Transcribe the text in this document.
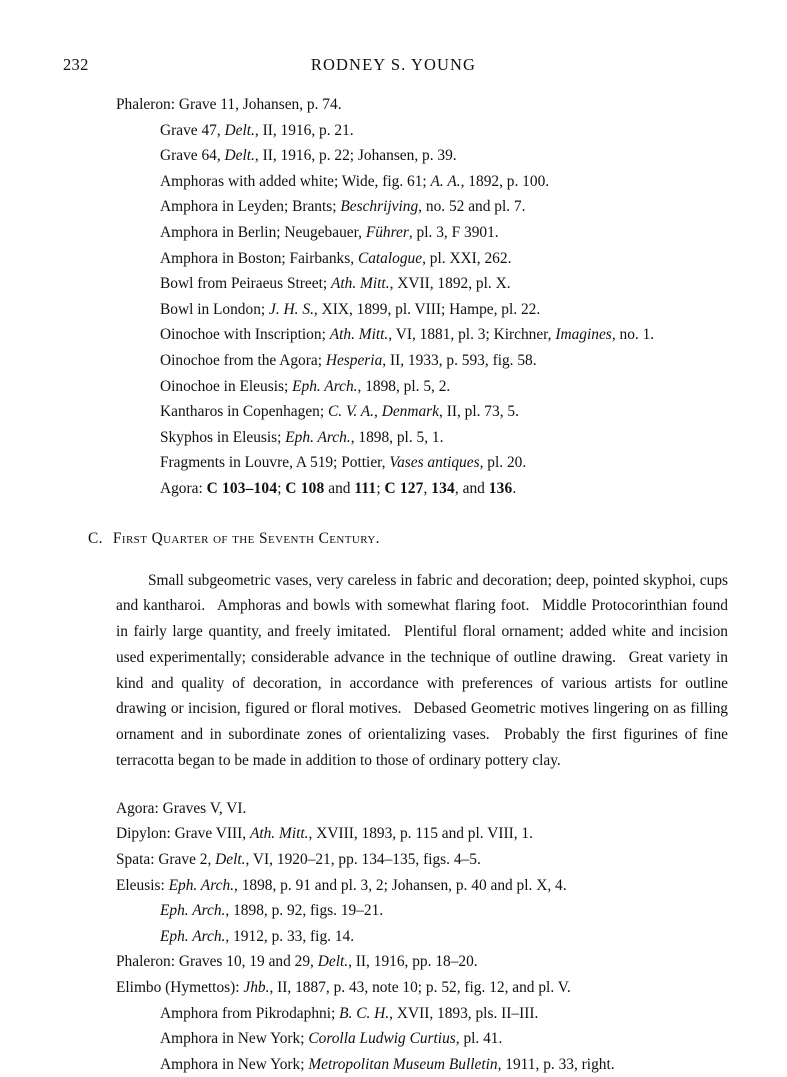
232	RODNEY S. YOUNG
Phaleron: Grave 11, Johansen, p. 74.
Grave 47, Delt., II, 1916, p. 21.
Grave 64, Delt., II, 1916, p. 22; Johansen, p. 39.
Amphoras with added white; Wide, fig. 61; A. A., 1892, p. 100.
Amphora in Leyden; Brants; Beschrijving, no. 52 and pl. 7.
Amphora in Berlin; Neugebauer, Führer, pl. 3, F 3901.
Amphora in Boston; Fairbanks, Catalogue, pl. XXI, 262.
Bowl from Peiraeus Street; Ath. Mitt., XVII, 1892, pl. X.
Bowl in London; J. H. S., XIX, 1899, pl. VIII; Hampe, pl. 22.
Oinochoe with Inscription; Ath. Mitt., VI, 1881, pl. 3; Kirchner, Imagines, no. 1.
Oinochoe from the Agora; Hesperia, II, 1933, p. 593, fig. 58.
Oinochoe in Eleusis; Eph. Arch., 1898, pl. 5, 2.
Kantharos in Copenhagen; C. V. A., Denmark, II, pl. 73, 5.
Skyphos in Eleusis; Eph. Arch., 1898, pl. 5, 1.
Fragments in Louvre, A 519; Pottier, Vases antiques, pl. 20.
Agora: C 103–104; C 108 and 111; C 127, 134, and 136.
C. First Quarter of the Seventh Century.
Small subgeometric vases, very careless in fabric and decoration; deep, pointed skyphoi, cups and kantharoi.  Amphoras and bowls with somewhat flaring foot.  Middle Protocorinthian found in fairly large quantity, and freely imitated.  Plentiful floral ornament; added white and incision used experimentally; considerable advance in the technique of outline drawing.  Great variety in kind and quality of decoration, in accordance with preferences of various artists for outline drawing or incision, figured or floral motives.  Debased Geometric motives lingering on as filling ornament and in subordinate zones of orientalizing vases.  Probably the first figurines of fine terracotta began to be made in addition to those of ordinary pottery clay.
Agora: Graves V, VI.
Dipylon: Grave VIII, Ath. Mitt., XVIII, 1893, p. 115 and pl. VIII, 1.
Spata: Grave 2, Delt., VI, 1920–21, pp. 134–135, figs. 4–5.
Eleusis: Eph. Arch., 1898, p. 91 and pl. 3, 2; Johansen, p. 40 and pl. X, 4.
Eph. Arch., 1898, p. 92, figs. 19–21.
Eph. Arch., 1912, p. 33, fig. 14.
Phaleron: Graves 10, 19 and 29, Delt., II, 1916, pp. 18–20.
Elimbo (Hymettos): Jhb., II, 1887, p. 43, note 10; p. 52, fig. 12, and pl. V.
Amphora from Pikrodaphni; B. C. H., XVII, 1893, pls. II–III.
Amphora in New York; Corolla Ludwig Curtius, pl. 41.
Amphora in New York; Metropolitan Museum Bulletin, 1911, p. 33, right.
